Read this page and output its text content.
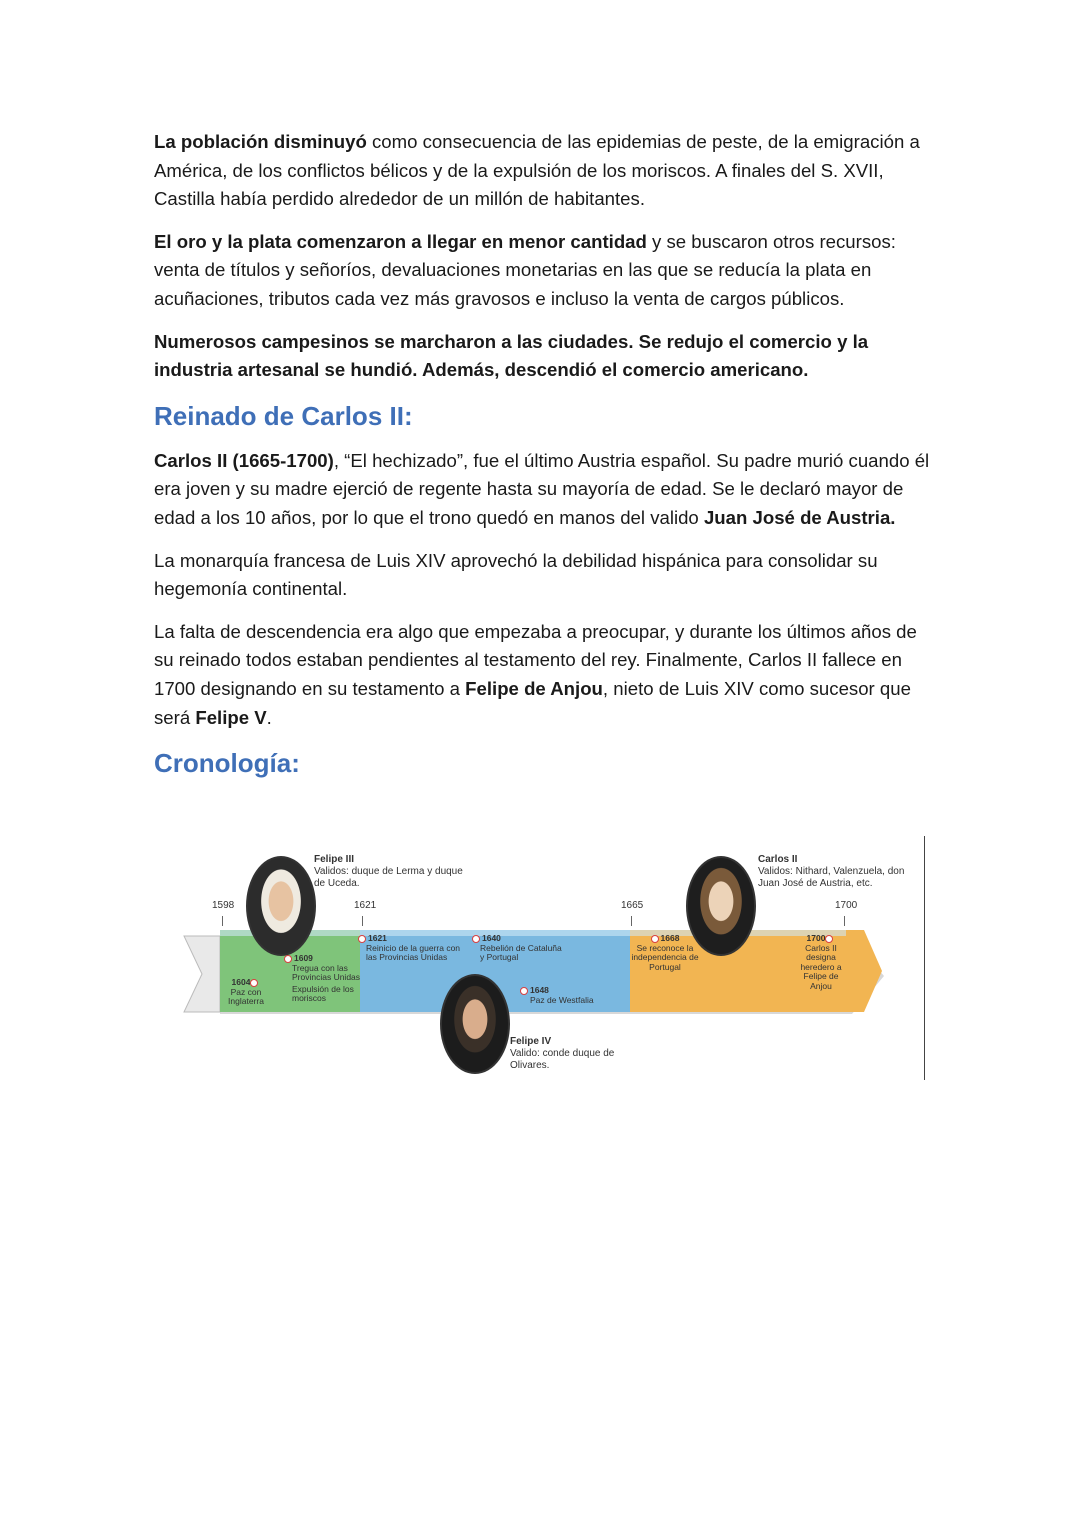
La población disminuyó como consecuencia de las epidemias de peste, de la emigración a América, de los conflictos bélicos y de la expulsión de los moriscos. A finales del S. XVII, Castilla había perdido alrededor de un millón de habitantes.

El oro y la plata comenzaron a llegar en menor cantidad y se buscaron otros recursos: venta de títulos y señoríos, devaluaciones monetarias en las que se reducía la plata en acuñaciones, tributos cada vez más gravosos e incluso la venta de cargos públicos.

Numerosos campesinos se marcharon a las ciudades. Se redujo el comercio y la industria artesanal se hundió. Además, descendió el comercio americano.

Reinado de Carlos II:

Carlos II (1665-1700), “El hechizado”, fue el último Austria español. Su padre murió cuando él era joven y su madre ejerció de regente hasta su mayoría de edad. Se le declaró mayor de edad a los 10 años, por lo que el trono quedó en manos del valido Juan José de Austria.

La monarquía francesa de Luis XIV aprovechó la debilidad hispánica para consolidar su hegemonía continental.

La falta de descendencia era algo que empezaba a preocupar, y durante los últimos años de su reinado todos estaban pendientes al testamento del rey. Finalmente, Carlos II fallece en 1700 designando en su testamento a Felipe de Anjou, nieto de Luis XIV como sucesor que será Felipe V.

Cronología:
1598	1621	1665	1700
Felipe III
Validos: duque de Lerma y duque de Uceda.
Carlos II
Validos: Nithard, Valenzuela, don Juan José de Austria, etc.
Felipe IV
Valido: conde duque de Olivares.
1604
Paz con Inglaterra
1609
Tregua con las Provincias Unidas
Expulsión de los moriscos
1621
Reinicio de la guerra con las Provincias Unidas
1640
Rebelión de Cataluña y Portugal
1648
Paz de Westfalia
1668
Se reconoce la independencia de Portugal
1700
Carlos II designa heredero a Felipe de Anjou
